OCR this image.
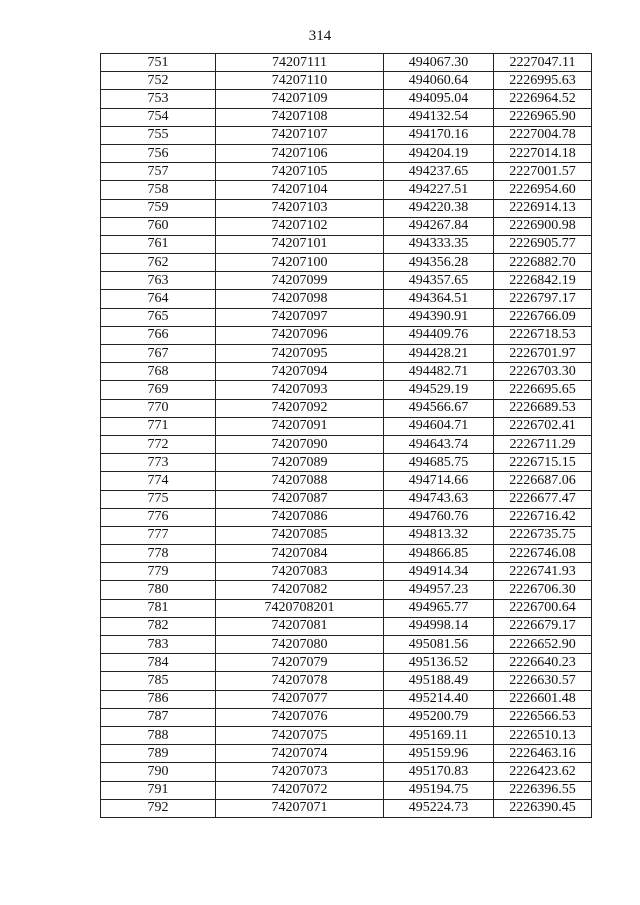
314
751	74207111	494067.30	2227047.11
752	74207110	494060.64	2226995.63
753	74207109	494095.04	2226964.52
754	74207108	494132.54	2226965.90
755	74207107	494170.16	2227004.78
756	74207106	494204.19	2227014.18
757	74207105	494237.65	2227001.57
758	74207104	494227.51	2226954.60
759	74207103	494220.38	2226914.13
760	74207102	494267.84	2226900.98
761	74207101	494333.35	2226905.77
762	74207100	494356.28	2226882.70
763	74207099	494357.65	2226842.19
764	74207098	494364.51	2226797.17
765	74207097	494390.91	2226766.09
766	74207096	494409.76	2226718.53
767	74207095	494428.21	2226701.97
768	74207094	494482.71	2226703.30
769	74207093	494529.19	2226695.65
770	74207092	494566.67	2226689.53
771	74207091	494604.71	2226702.41
772	74207090	494643.74	2226711.29
773	74207089	494685.75	2226715.15
774	74207088	494714.66	2226687.06
775	74207087	494743.63	2226677.47
776	74207086	494760.76	2226716.42
777	74207085	494813.32	2226735.75
778	74207084	494866.85	2226746.08
779	74207083	494914.34	2226741.93
780	74207082	494957.23	2226706.30
781	7420708201	494965.77	2226700.64
782	74207081	494998.14	2226679.17
783	74207080	495081.56	2226652.90
784	74207079	495136.52	2226640.23
785	74207078	495188.49	2226630.57
786	74207077	495214.40	2226601.48
787	74207076	495200.79	2226566.53
788	74207075	495169.11	2226510.13
789	74207074	495159.96	2226463.16
790	74207073	495170.83	2226423.62
791	74207072	495194.75	2226396.55
792	74207071	495224.73	2226390.45
